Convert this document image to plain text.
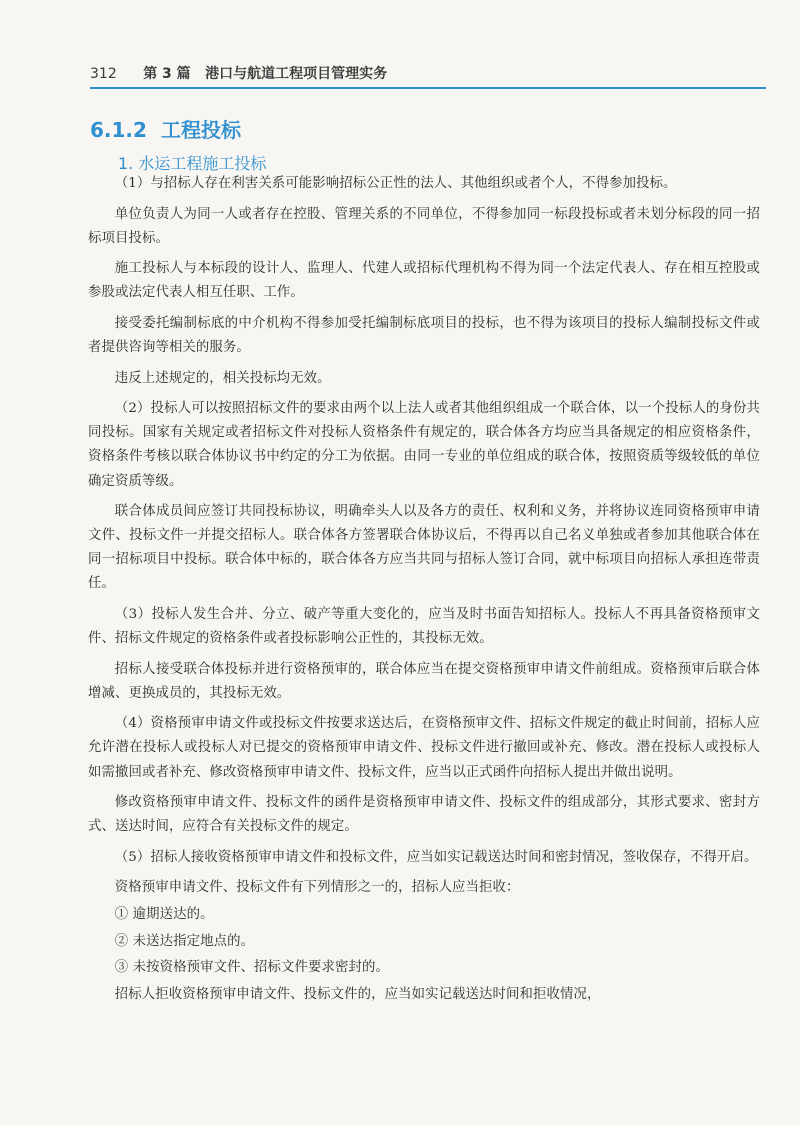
312 第 3 篇 港口与航道工程项目管理实务
6.1.2 工程投标
1. 水运工程施工投标

（1）与招标人存在利害关系可能影响招标公正性的法人、其他组织或者个人，不得参加投标。

单位负责人为同一人或者存在控股、管理关系的不同单位，不得参加同一标段投标或者未划分标段的同一招标项目投标。

施工投标人与本标段的设计人、监理人、代建人或招标代理机构不得为同一个法定代表人、存在相互控股或参股或法定代表人相互任职、工作。

接受委托编制标底的中介机构不得参加受托编制标底项目的投标，也不得为该项目的投标人编制投标文件或者提供咨询等相关的服务。

违反上述规定的，相关投标均无效。

（2）投标人可以按照招标文件的要求由两个以上法人或者其他组织组成一个联合体，以一个投标人的身份共同投标。国家有关规定或者招标文件对投标人资格条件有规定的，联合体各方均应当具备规定的相应资格条件，资格条件考核以联合体协议书中约定的分工为依据。由同一专业的单位组成的联合体，按照资质等级较低的单位确定资质等级。

联合体成员间应签订共同投标协议，明确牵头人以及各方的责任、权利和义务，并将协议连同资格预审申请文件、投标文件一并提交招标人。联合体各方签署联合体协议后，不得再以自己名义单独或者参加其他联合体在同一招标项目中投标。联合体中标的，联合体各方应当共同与招标人签订合同，就中标项目向招标人承担连带责任。

（3）投标人发生合并、分立、破产等重大变化的，应当及时书面告知招标人。投标人不再具备资格预审文件、招标文件规定的资格条件或者投标影响公正性的，其投标无效。

招标人接受联合体投标并进行资格预审的，联合体应当在提交资格预审申请文件前组成。资格预审后联合体增减、更换成员的，其投标无效。

（4）资格预审申请文件或投标文件按要求送达后，在资格预审文件、招标文件规定的截止时间前，招标人应允许潜在投标人或投标人对已提交的资格预审申请文件、投标文件进行撤回或补充、修改。潜在投标人或投标人如需撤回或者补充、修改资格预审申请文件、投标文件，应当以正式函件向招标人提出并做出说明。

修改资格预审申请文件、投标文件的函件是资格预审申请文件、投标文件的组成部分，其形式要求、密封方式、送达时间，应符合有关投标文件的规定。

（5）招标人接收资格预审申请文件和投标文件，应当如实记载送达时间和密封情况，签收保存，不得开启。

资格预审申请文件、投标文件有下列情形之一的，招标人应当拒收：

① 逾期送达的。

② 未送达指定地点的。

③ 未按资格预审文件、招标文件要求密封的。

招标人拒收资格预审申请文件、投标文件的，应当如实记载送达时间和拒收情况，
